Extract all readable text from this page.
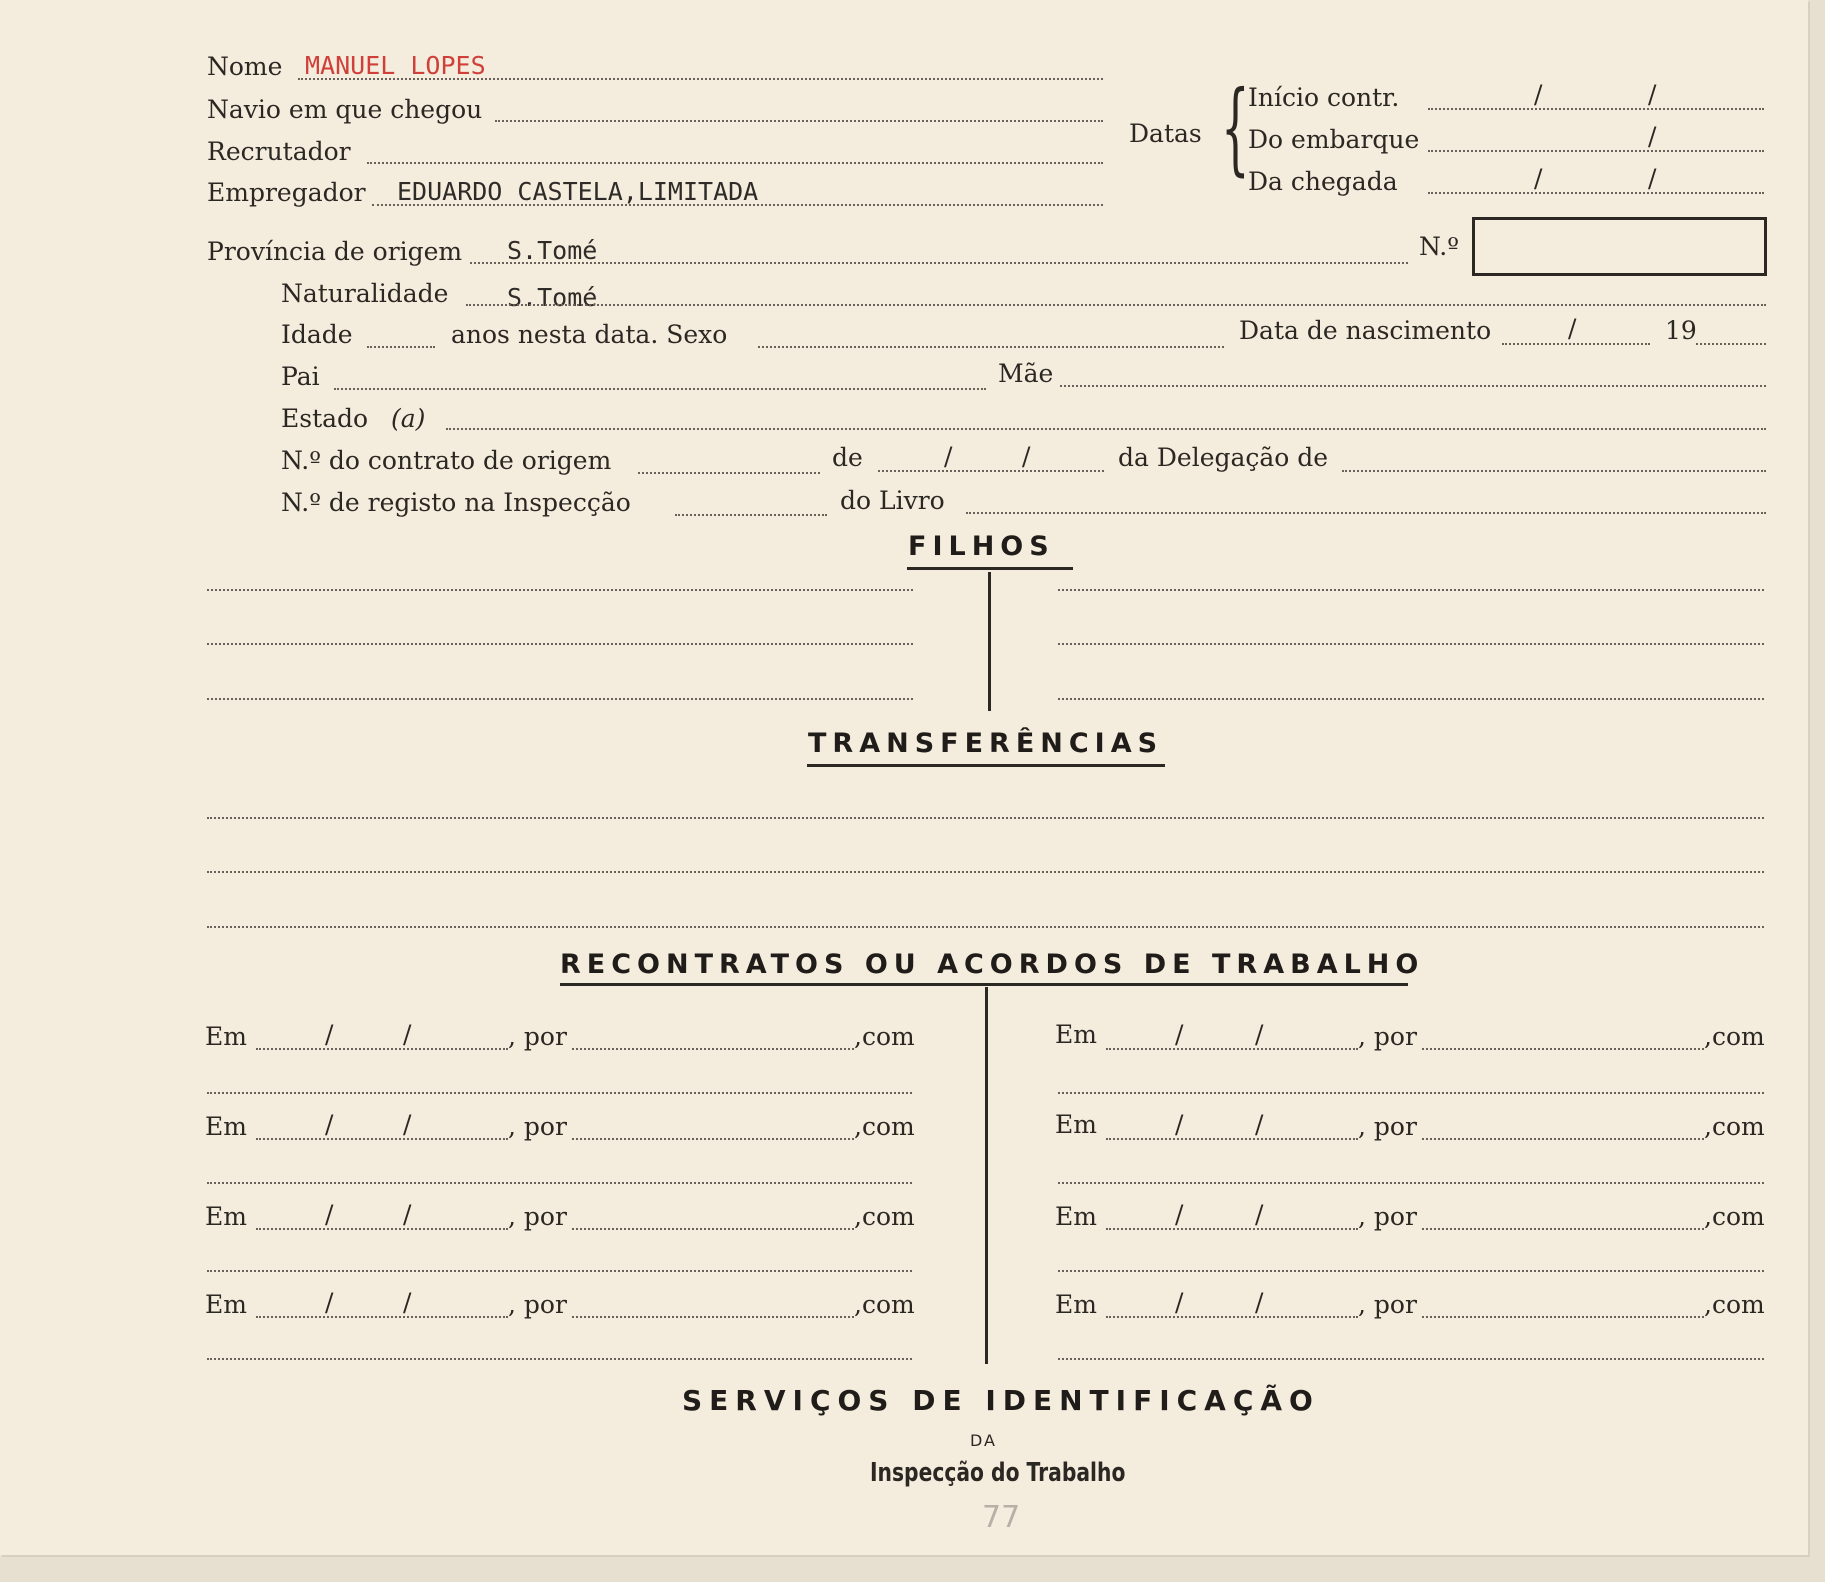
Nome MANUEL LOPES
Navio em que chegou
Recrutador
Empregador EDUARDO CASTELA,LIMITADA
Datas {
Início contr.	/	/
Do embarque	/
Da chegada	/	/
Província de origem S.Tomé	N.º
Naturalidade S.Tomé
Idade	anos nesta data. Sexo	Data de nascimento	/	19
Pai	Mãe
Estado (a)
N.º do contrato de origem	de	/	/	da Delegação de
N.º de registo na Inspecção	do Livro
FILHOS
TRANSFERÊNCIAS
RECONTRATOS OU ACORDOS DE TRABALHO
Em	/	/	, por	,com
Em	/	/	, por	,com
Em	/	/	, por	,com
Em	/	/	, por	,com
Em	/	/	, por	,com
Em	/	/	, por	,com
Em	/	/	, por	,com
Em	/	/	, por	,com
SERVIÇOS DE IDENTIFICAÇÃO
DA
Inspecção do Trabalho
77
